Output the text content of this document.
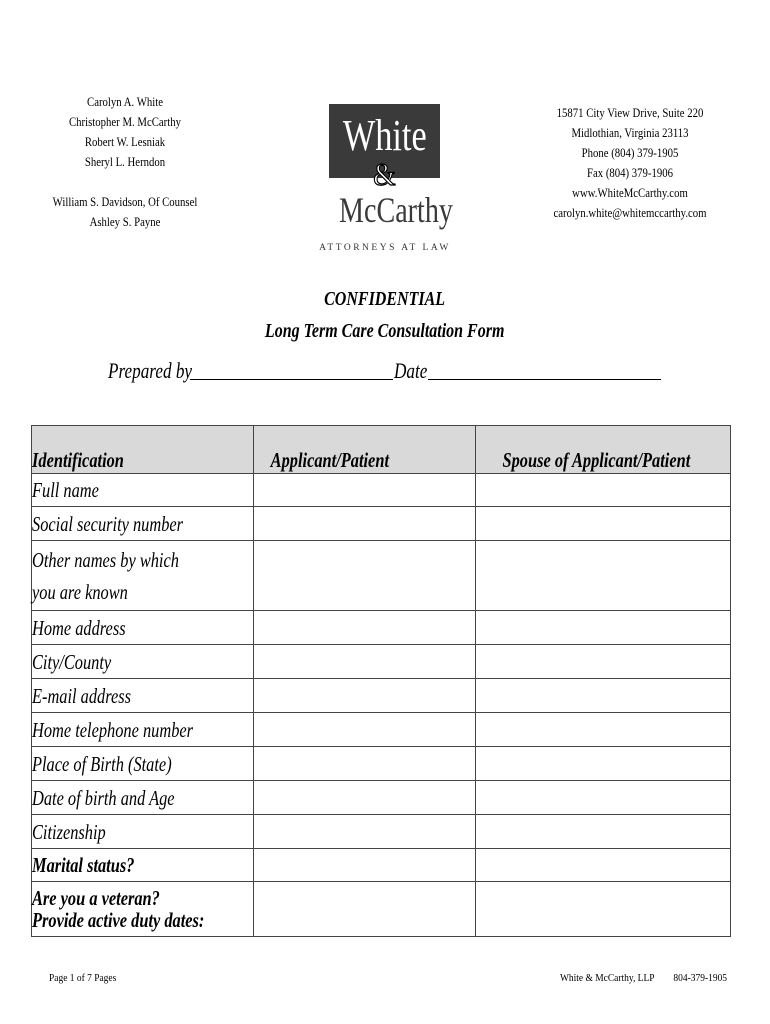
Carolyn A. White
Christopher M. McCarthy
Robert W. Lesniak
Sheryl L. Herndon
William S. Davidson, Of Counsel
Ashley S. Payne
White
&
McCarthy
ATTORNEYS AT LAW
15871 City View Drive, Suite 220
Midlothian, Virginia 23113
Phone (804) 379-1905
Fax (804) 379-1906
www.WhiteMcCarthy.com
carolyn.white@whitemccarthy.com
CONFIDENTIAL
Long Term Care Consultation Form
Prepared by	Date
Identification	Applicant/Patient	Spouse of Applicant/Patient
Full name		
Social security number		

Other names by which
you are known		

Home address		
City/County		
E-mail address		
Home telephone number		
Place of Birth (State)		
Date of birth and Age		
Citizenship		
Marital status?		

Are you a veteran?
Provide active duty dates:		

Page 1 of 7 Pages	White & McCarthy, LLP 804-379-1905
